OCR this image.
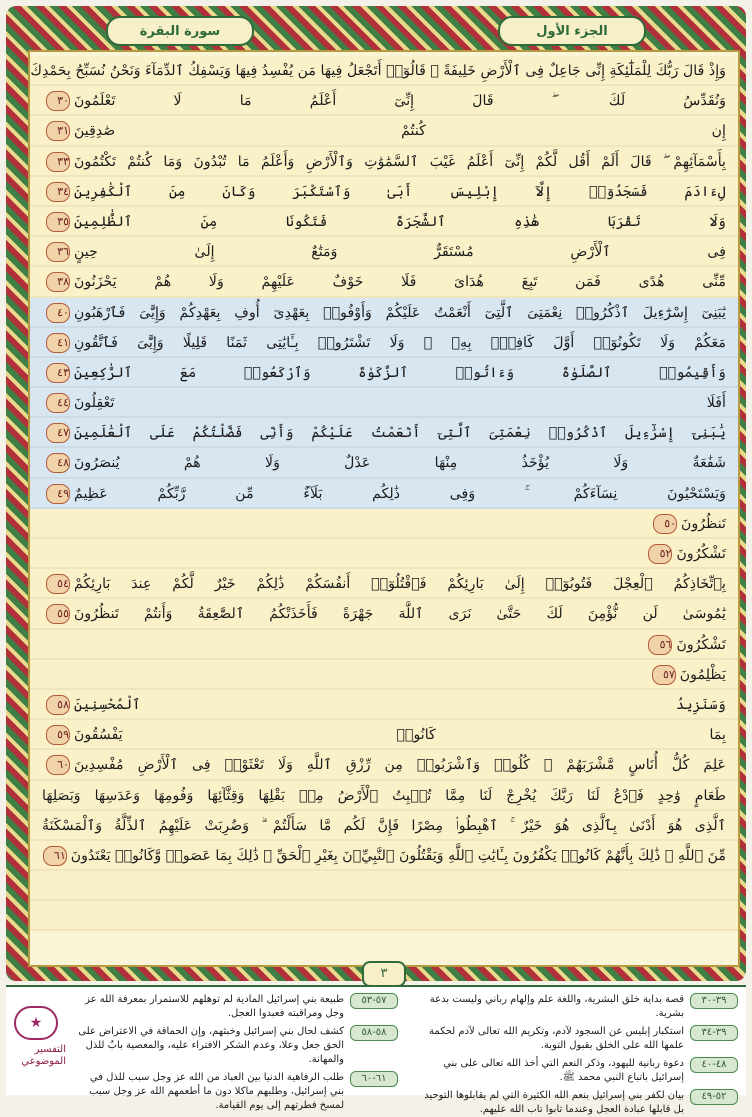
سورة البقرة	الجزء الأول
وَإِذْ قَالَ رَبُّكَ لِلْمَلَٰٓئِكَةِ إِنِّى جَاعِلٌ فِى ٱلْأَرْضِ خَلِيفَةً ۖ قَالُوٓا۟ أَتَجْعَلُ فِيهَا مَن يُفْسِدُ فِيهَا وَيَسْفِكُ ٱلدِّمَآءَ وَنَحْنُ نُسَبِّحُ بِحَمْدِكَ
وَنُقَدِّسُ لَكَ ۖ قَالَ إِنِّىٓ أَعْلَمُ مَا لَا تَعْلَمُونَ٣٠
إِن كُنتُمْ صَٰدِقِينَ٣١
بِأَسْمَآئِهِمْ ۖ قَالَ أَلَمْ أَقُل لَّكُمْ إِنِّىٓ أَعْلَمُ غَيْبَ ٱلسَّمَٰوَٰتِ وَٱلْأَرْضِ وَأَعْلَمُ مَا تُبْدُونَ وَمَا كُنتُمْ تَكْتُمُونَ٣٣
لِءَادَمَ فَسَجَدُوٓا۟ إِلَّآ إِبْلِيسَ أَبَىٰ وَٱسْتَكْبَرَ وَكَانَ مِنَ ٱلْكَٰفِرِينَ٣٤
وَلَا تَقْرَبَا هَٰذِهِ ٱلشَّجَرَةَ فَتَكُونَا مِنَ ٱلظَّٰلِمِينَ٣٥
فِى ٱلْأَرْضِ مُسْتَقَرٌّ وَمَتَٰعٌ إِلَىٰ حِينٍ٣٦
مِّنِّى هُدًى فَمَن تَبِعَ هُدَاىَ فَلَا خَوْفٌ عَلَيْهِمْ وَلَا هُمْ يَحْزَنُونَ٣٨
يَٰبَنِىٓ إِسْرَٰٓءِيلَ ٱذْكُرُوا۟ نِعْمَتِىَ ٱلَّتِىٓ أَنْعَمْتُ عَلَيْكُمْ وَأَوْفُوا۟ بِعَهْدِىٓ أُوفِ بِعَهْدِكُمْ وَإِيَّٰىَ فَٱرْهَبُونِ٤٠
مَعَكُمْ وَلَا تَكُونُوٓا۟ أَوَّلَ كَافِرٍۭ بِهِۦ ۖ وَلَا تَشْتَرُوا۟ بِـَٔايَٰتِى ثَمَنًا قَلِيلًا وَإِيَّٰىَ فَٱتَّقُونِ٤١
وَأَقِيمُوا۟ ٱلصَّلَوٰةَ وَءَاتُوا۟ ٱلزَّكَوٰةَ وَٱرْكَعُوا۟ مَعَ ٱلرَّٰكِعِينَ٤٣
أَفَلَا تَعْقِلُونَ٤٤
يَٰبَنِىٓ إِسْرَٰٓءِيلَ ٱذْكُرُوا۟ نِعْمَتِىَ ٱلَّتِىٓ أَنْعَمْتُ عَلَيْكُمْ وَأَنِّى فَضَّلْتُكُمْ عَلَى ٱلْعَٰلَمِينَ٤٧
شَفَٰعَةٌ وَلَا يُؤْخَذُ مِنْهَا عَدْلٌ وَلَا هُمْ يُنصَرُونَ٤٨
وَيَسْتَحْيُونَ نِسَآءَكُمْ ۚ وَفِى ذَٰلِكُم بَلَآءٌ مِّن رَّبِّكُمْ عَظِيمٌ٤٩
تَنظُرُونَ٥٠
تَشْكُرُونَ٥٢
بِٱتِّخَاذِكُمُ ٱلْعِجْلَ فَتُوبُوٓا۟ إِلَىٰ بَارِئِكُمْ فَٱقْتُلُوٓا۟ أَنفُسَكُمْ ذَٰلِكُمْ خَيْرٌ لَّكُمْ عِندَ بَارِئِكُمْ٥٤
يَٰمُوسَىٰ لَن نُّؤْمِنَ لَكَ حَتَّىٰ نَرَى ٱللَّهَ جَهْرَةً فَأَخَذَتْكُمُ ٱلصَّٰعِقَةُ وَأَنتُمْ تَنظُرُونَ٥٥
تَشْكُرُونَ٥٦
يَظْلِمُونَ٥٧
وَسَنَزِيدُ ٱلْمُحْسِنِينَ٥٨
بِمَا كَانُوا۟ يَفْسُقُونَ٥٩
عَلِمَ كُلُّ أُنَاسٍ مَّشْرَبَهُمْ ۖ كُلُوا۟ وَٱشْرَبُوا۟ مِن رِّزْقِ ٱللَّهِ وَلَا تَعْثَوْا۟ فِى ٱلْأَرْضِ مُفْسِدِينَ٦٠
طَعَامٍ وَٰحِدٍ فَٱدْعُ لَنَا رَبَّكَ يُخْرِجْ لَنَا مِمَّا تُنۢبِتُ ٱلْأَرْضُ مِنۢ بَقْلِهَا وَقِثَّآئِهَا وَفُومِهَا وَعَدَسِهَا وَبَصَلِهَا
ٱلَّذِى هُوَ أَدْنَىٰ بِٱلَّذِى هُوَ خَيْرٌ ۚ ٱهْبِطُوا۟ مِصْرًا فَإِنَّ لَكُم مَّا سَأَلْتُمْ ۗ وَضُرِبَتْ عَلَيْهِمُ ٱلذِّلَّةُ وَٱلْمَسْكَنَةُ
مِّنَ ٱللَّهِ ۗ ذَٰلِكَ بِأَنَّهُمْ كَانُوا۟ يَكْفُرُونَ بِـَٔايَٰتِ ٱللَّهِ وَيَقْتُلُونَ ٱلنَّبِيِّۦنَ بِغَيْرِ ٱلْحَقِّ ۗ ذَٰلِكَ بِمَا عَصَوا۟ وَّكَانُوا۟ يَعْتَدُونَ٦١
٣
٣٩-٣٠
قصة بداية خلق البشرية، واللغة علم وإلهام رباني وليست بدعة بشرية.
٣٩-٣٤
استكبار إبليس عن السجود لآدم، وتكريم الله تعالى لآدم لحكمة علمها الله على الخلق بقبول التوبة.
٤٨-٤٠
دعوة ربانية لليهود، وذكر النعم التي أخذ الله تعالى على بني إسرائيل باتباع النبي محمد ﷺ.
٥٢-٤٩
بيان لكفر بني إسرائيل بنعم الله الكثيرة التي لم يقابلوها التوحيد بل قابلها عبادة العجل وعندما تابوا تاب الله عليهم.
٥٧-٥٣
طبيعة بني إسرائيل المادية لم توهلهم للاستمرار بمعرفة الله عز وجل ومراقبته فعبدوا العجل.
٥٨-٥٨
كشف لحال بني إسرائيل وخبثهم، وإن الحماقة في الاعتراض على الحق جعل وعلا، وعدم الشكر الافتراء عليه، والمعصية بابٌ للذل والمهانة.
٦١-٦٠
طلب الرفاهية الدنيا بين العباد من الله عز وجل سبب للذل في بني إسرائيل، وطلبهم ماكلا دون ما أطعمهم الله عز وجل سبب لمسخ فطرتهم إلى يوم القيامة.
★
التفسير الموضوعي
